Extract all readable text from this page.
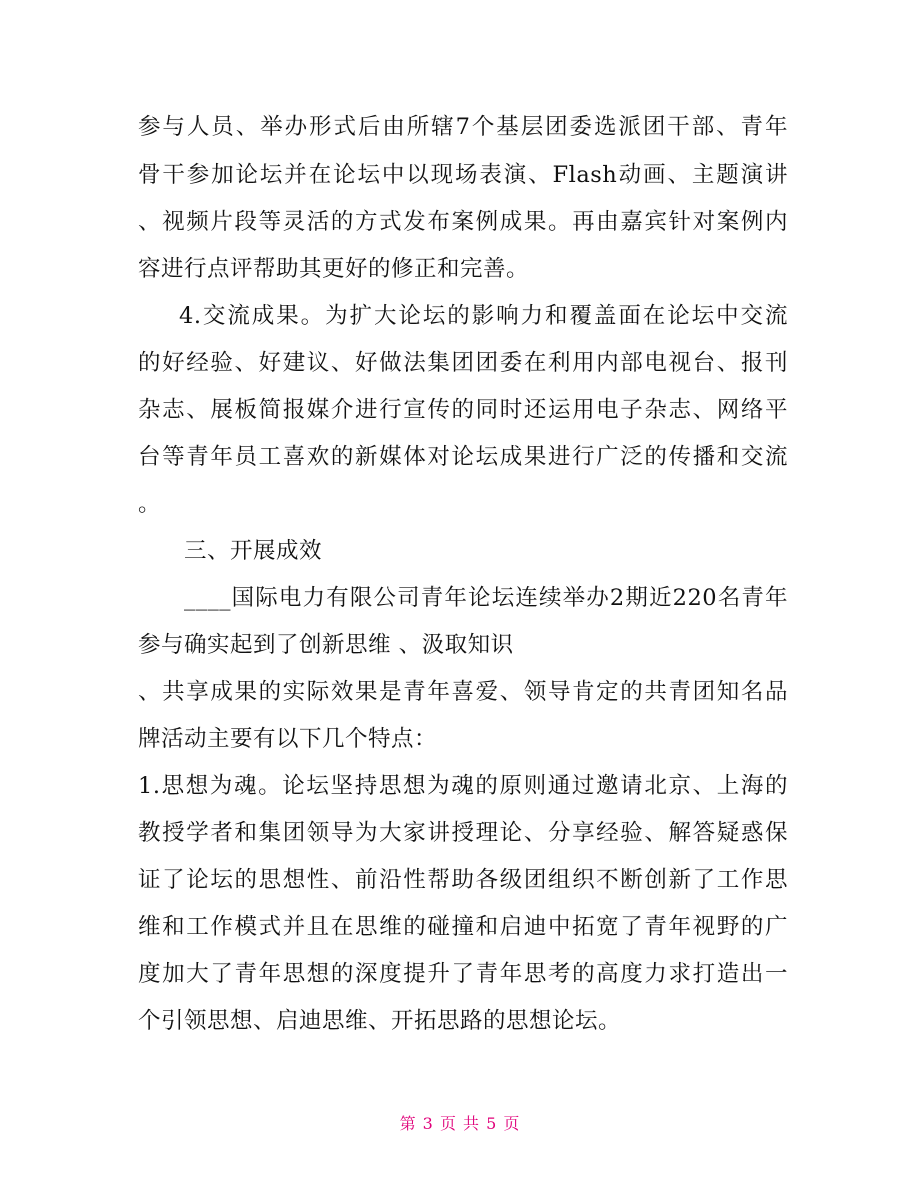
参与人员、举办形式后由所辖7个基层团委选派团干部、青年
骨干参加论坛并在论坛中以现场表演、Flash动画、主题演讲
、视频片段等灵活的方式发布案例成果。再由嘉宾针对案例内
容进行点评帮助其更好的修正和完善。
4.交流成果。为扩大论坛的影响力和覆盖面在论坛中交流
的好经验、好建议、好做法集团团委在利用内部电视台、报刊
杂志、展板简报媒介进行宣传的同时还运用电子杂志、网络平
台等青年员工喜欢的新媒体对论坛成果进行广泛的传播和交流
。
三、开展成效
____国际电力有限公司青年论坛连续举办2期近220名青年
参与确实起到了创新思维 、汲取知识
、共享成果的实际效果是青年喜爱、领导肯定的共青团知名品
牌活动主要有以下几个特点：
1.思想为魂。论坛坚持思想为魂的原则通过邀请北京、上海的
教授学者和集团领导为大家讲授理论、分享经验、解答疑惑保
证了论坛的思想性、前沿性帮助各级团组织不断创新了工作思
维和工作模式并且在思维的碰撞和启迪中拓宽了青年视野的广
度加大了青年思想的深度提升了青年思考的高度力求打造出一
个引领思想、启迪思维、开拓思路的思想论坛。
第 3 页 共 5 页
